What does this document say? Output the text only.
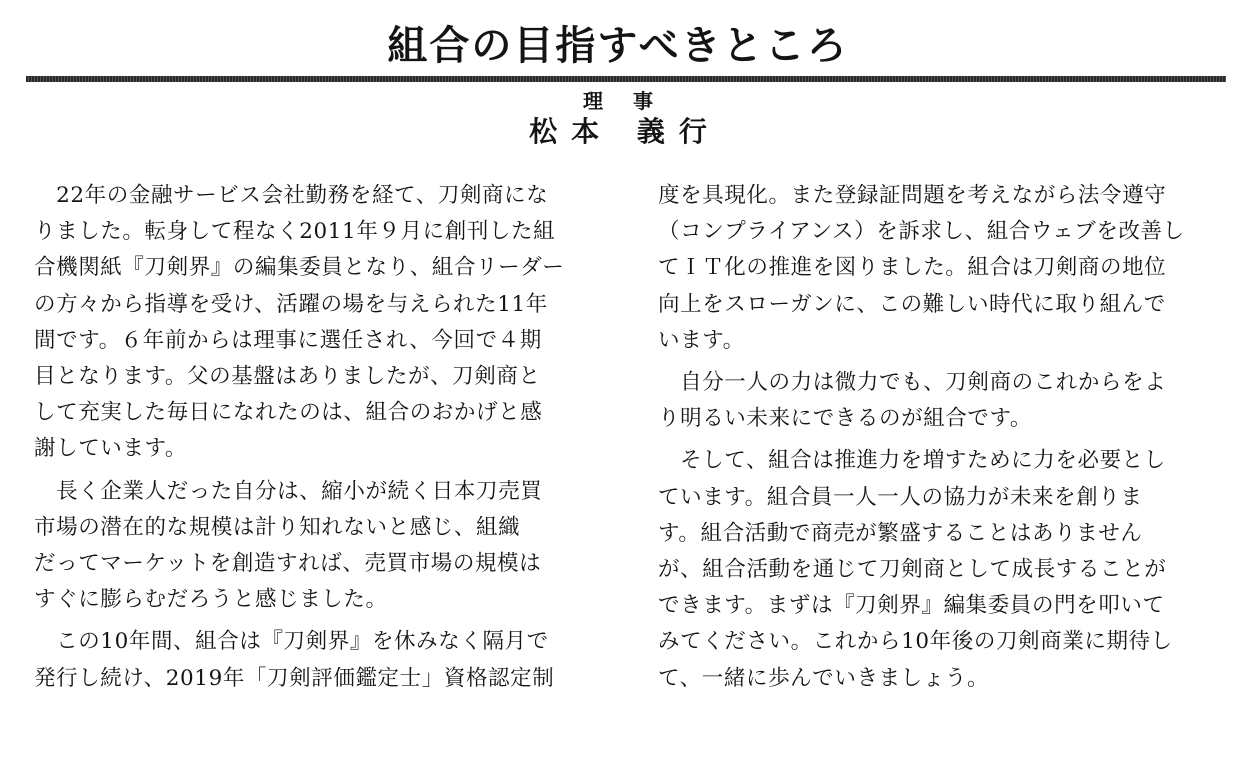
組合の目指すべきところ
理事
松本 義行

　22年の金融サービス会社勤務を経て、刀剣商にな

りました。転身して程なく2011年９月に創刊した組

合機関紙『刀剣界』の編集委員となり、組合リーダー

の方々から指導を受け、活躍の場を与えられた11年

間です。６年前からは理事に選任され、今回で４期

目となります。父の基盤はありましたが、刀剣商と

して充実した毎日になれたのは、組合のおかげと感

謝しています。

　長く企業人だった自分は、縮小が続く日本刀売買

市場の潜在的な規模は計り知れないと感じ、組織

だってマーケットを創造すれば、売買市場の規模は

すぐに膨らむだろうと感じました。

　この10年間、組合は『刀剣界』を休みなく隔月で

発行し続け、2019年「刀剣評価鑑定士」資格認定制

度を具現化。また登録証問題を考えながら法令遵守

（コンプライアンス）を訴求し、組合ウェブを改善し

てＩＴ化の推進を図りました。組合は刀剣商の地位

向上をスローガンに、この難しい時代に取り組んで

います。

　自分一人の力は微力でも、刀剣商のこれからをよ

り明るい未来にできるのが組合です。

　そして、組合は推進力を増すために力を必要とし

ています。組合員一人一人の協力が未来を創りま

す。組合活動で商売が繁盛することはありません

が、組合活動を通じて刀剣商として成長することが

できます。まずは『刀剣界』編集委員の門を叩いて

みてください。これから10年後の刀剣商業に期待し

て、一緒に歩んでいきましょう。
